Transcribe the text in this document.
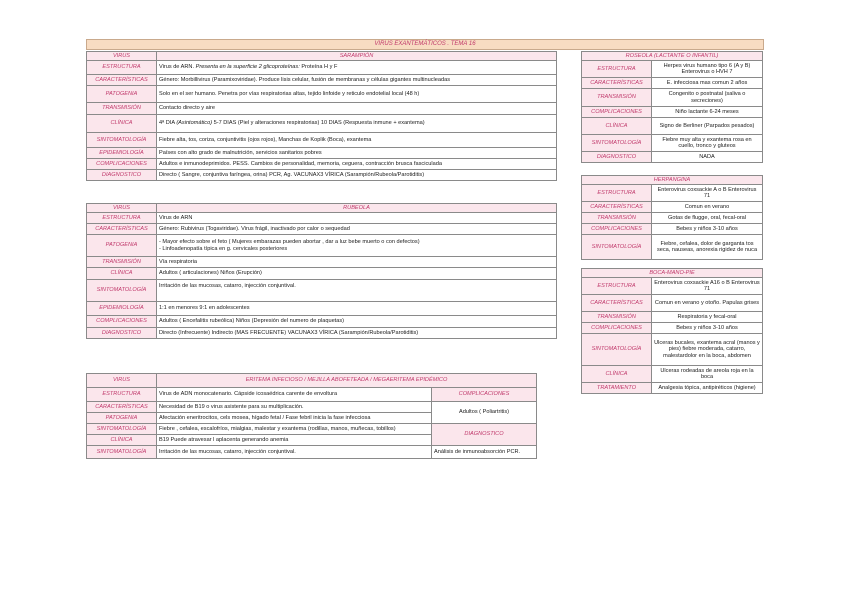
VIRUS EXANTEMÁTICOS . TEMA 16
VIRUS	SARAMPIÓN
ESTRUCTURA	Virus de ARN. Presenta en la superficie 2 glicoproteínas: Proteína H y F
CARACTERÍSTICAS	Género: Morbillivirus (Paramixoviridae). Produce lisis celular, fusión de membranas y células gigantes multinucleadas
PATOGENIA	Solo en el ser humano. Penetra por vías respiratorias altas, tejido linfoide y reticulo endotelial local (48 h)
TRANSMISIÓN	Contacto directo y aire
CLÍNICA	4ª DIA (Asintomático) 5-7 DIAS (Piel y alteraciones respiratorias) 10 DIAS (Respuesta inmune + exantema)
SINTOMATOLOGÍA	Fiebre alta, tos, coriza, conjuntivitis (ojos rojos), Manchas de Koplik (Boca), exantema
EPIDEMIOLOGÍA	Países con alto grado de malnutrición, servicios sanitarios pobres
COMPLICACIONES	Adultos e inmunodeprimidos. PESS. Cambios de personalidad, memoria, ceguera, contracción brusca fasciculada
DIAGNOSTICO	Directo ( Sangre, conjuntiva faríngea, orina) PCR, Ag. VACUNAX3 VÍRICA (Sarampión/Rubeola/Parotiditis)
VIRUS	RUBEOLA
ESTRUCTURA	Virus de ARN
CARACTERÍSTICAS	Género: Rubivirus (Togaviridae). Virus frágil, inactivado por calor o sequedad
PATOGENIA	- Mayor efecto sobre el feto ( Mujeres embarazas pueden abortar , dar a luz bebe muerto o con defectos)
- Linfoadenopatía típica en g. cervicales posteriores

TRANSMISIÓN	Vía respiratoria
CLÍNICA	Adultos ( articulaciones) Niños (Erupción)
SINTOMATOLOGÍA	Irritación de las mucosas, catarro, injección conjuntival.
EPIDEMIOLOGÍA	1:1 en menores 9:1 en adolescentes
COMPLICACIONES	Adultos ( Encefalitis rubeólica) Niños (Depresión del numero de plaquetas)
DIAGNOSTICO	Directo (Infrecuente) Indirecto (MAS FRECUENTE) VACUNAX3 VÍRICA (Sarampión/Rubeola/Parotiditis)
VIRUS	ERITEMA INFECIOSO / MEJILLA ABOFETEADA / MEGAERITEMA EPIDÉMICO	
ESTRUCTURA	Virus de ADN monocatenario. Cápside icosaédrica carente de envoltura	COMPLICACIONES
CARACTERÍSTICAS	Necesidad de B19 o virus asistente para su multiplicación.	Adultos ( Poliartritis)
PATOGENIA	Afectación eneritrocitos, cels mosea, hígado fetal / Fase febril inicia la fase infecciosa	
SINTOMATOLOGÍA	Fiebre , cefalea, escalofríos, mialgias, malestar y exantema (rodillas, manos, muñecas, tobillos)	DIAGNOSTICO
CLÍNICA	B19 Puede atravesar l aplacenta generando anemia	
SINTOMATOLOGÍA	Irritación de las mucosas, catarro, injección conjuntival.	Análisis de inmunoabsorción PCR.
ROSEOLA (LACTANTE O INFANTIL)	
ESTRUCTURA	Herpes virus humano tipo 6 (A y B) Enterovirus o HVH 7
CARACTERÍSTICAS	E. infecciosa mas comun 2 años
TRANSMISIÓN	Congenito o postnatal (saliva o secreciones)
COMPLICACIONES	Niño lactante 6-24 meses
CLÍNICA	Signo de Berliner (Parpados pesados)
SINTOMATOLOGÍA	Fiebre muy alta y exantema rosa en cuello, tronco y gluteos
DIAGNOSTICO	NADA
HERPANGINA	
ESTRUCTURA	Enterovirus coxsackie A o B Enterovirus 71
CARACTERÍSTICAS	Comun en verano
TRANSMISIÓN	Gotas de flugge, oral, fecal-oral
COMPLICACIONES	Bebes y niños 3-10 años
SINTOMATOLOGÍA	Fiebre, cefalea, dolor de garganta tos seca, nauseas, anorexia rigidez de nuca
BOCA-MANO-PIE	
ESTRUCTURA	Enterovirus coxsackie A16 o B Enterovirus 71
CARACTERÍSTICAS	Comun en verano y otoño. Papulas grises
TRANSMISIÓN	Respiratoria y fecal-oral
COMPLICACIONES	Bebes y niños 3-10 años
SINTOMATOLOGÍA	Ulceras bucales, exantema acral (manos y pies) fiebre moderada, catarro, malestardolor en la boca, abdomen
CLÍNICA	Ulceras rodeadas de areola roja en la boca
TRATAMIENTO	Analgesia tópica, antipiréticos (higiene)
